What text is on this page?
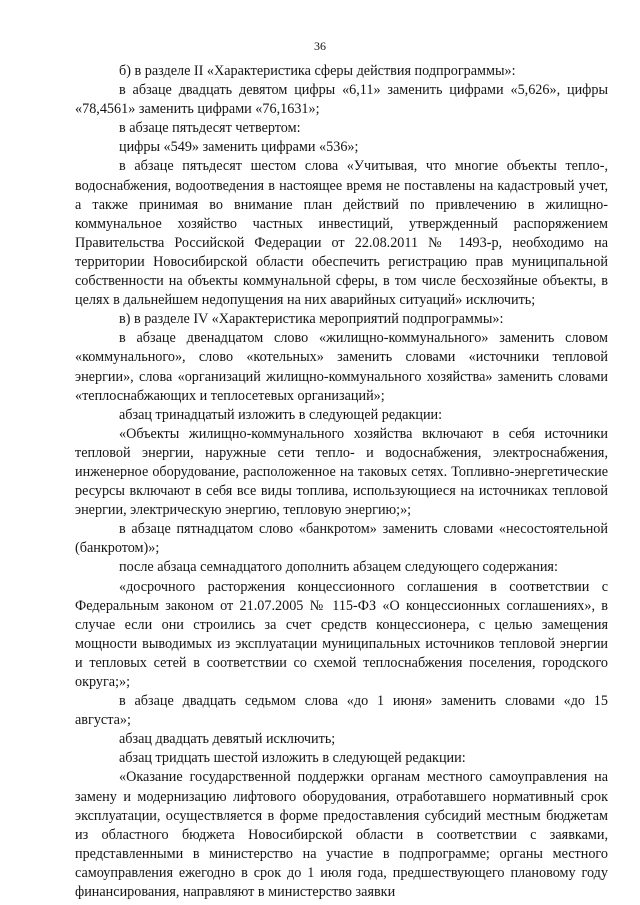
36

б) в разделе II «Характеристика сферы действия подпрограммы»:

в абзаце двадцать девятом цифры «6,11» заменить цифрами «5,626», цифры «78,4561» заменить цифрами «76,1631»;

в абзаце пятьдесят четвертом:

цифры «549» заменить цифрами «536»;

в абзаце пятьдесят шестом слова «Учитывая, что многие объекты тепло-, водоснабжения, водоотведения в настоящее время не поставлены на кадастровый учет, а также принимая во внимание план действий по привлечению в жилищно-коммунальное хозяйство частных инвестиций, утвержденный распоряжением Правительства Российской Федерации от 22.08.2011 № 1493-р, необходимо на территории Новосибирской области обеспечить регистрацию прав муниципальной собственности на объекты коммунальной сферы, в том числе бесхозяйные объекты, в целях в дальнейшем недопущения на них аварийных ситуаций» исключить;

в) в разделе IV «Характеристика мероприятий подпрограммы»:

в абзаце двенадцатом слово «жилищно-коммунального» заменить словом «коммунального», слово «котельных» заменить словами «источники тепловой энергии», слова «организаций жилищно-коммунального хозяйства» заменить словами «теплоснабжающих и теплосетевых организаций»;

абзац тринадцатый изложить в следующей редакции:

«Объекты жилищно-коммунального хозяйства включают в себя источники тепловой энергии, наружные сети тепло- и водоснабжения, электроснабжения, инженерное оборудование, расположенное на таковых сетях. Топливно-энергетические ресурсы включают в себя все виды топлива, использующиеся на источниках тепловой энергии, электрическую энергию, тепловую энергию;»;

в абзаце пятнадцатом слово «банкротом» заменить словами «несостоятельной (банкротом)»;

после абзаца семнадцатого дополнить абзацем следующего содержания:

«досрочного расторжения концессионного соглашения в соответствии с Федеральным законом от 21.07.2005 № 115-ФЗ «О концессионных соглашениях», в случае если они строились за счет средств концессионера, с целью замещения мощности выводимых из эксплуатации муниципальных источников тепловой энергии и тепловых сетей в соответствии со схемой теплоснабжения поселения, городского округа;»;

в абзаце двадцать седьмом слова «до 1 июня» заменить словами «до 15 августа»;

абзац двадцать девятый исключить;

абзац тридцать шестой изложить в следующей редакции:

«Оказание государственной поддержки органам местного самоуправления на замену и модернизацию лифтового оборудования, отработавшего нормативный срок эксплуатации, осуществляется в форме предоставления субсидий местным бюджетам из областного бюджета Новосибирской области в соответствии с заявками, представленными в министерство на участие в подпрограмме; органы местного самоуправления ежегодно в срок до 1 июля года, предшествующего плановому году финансирования, направляют в министерство заявки
